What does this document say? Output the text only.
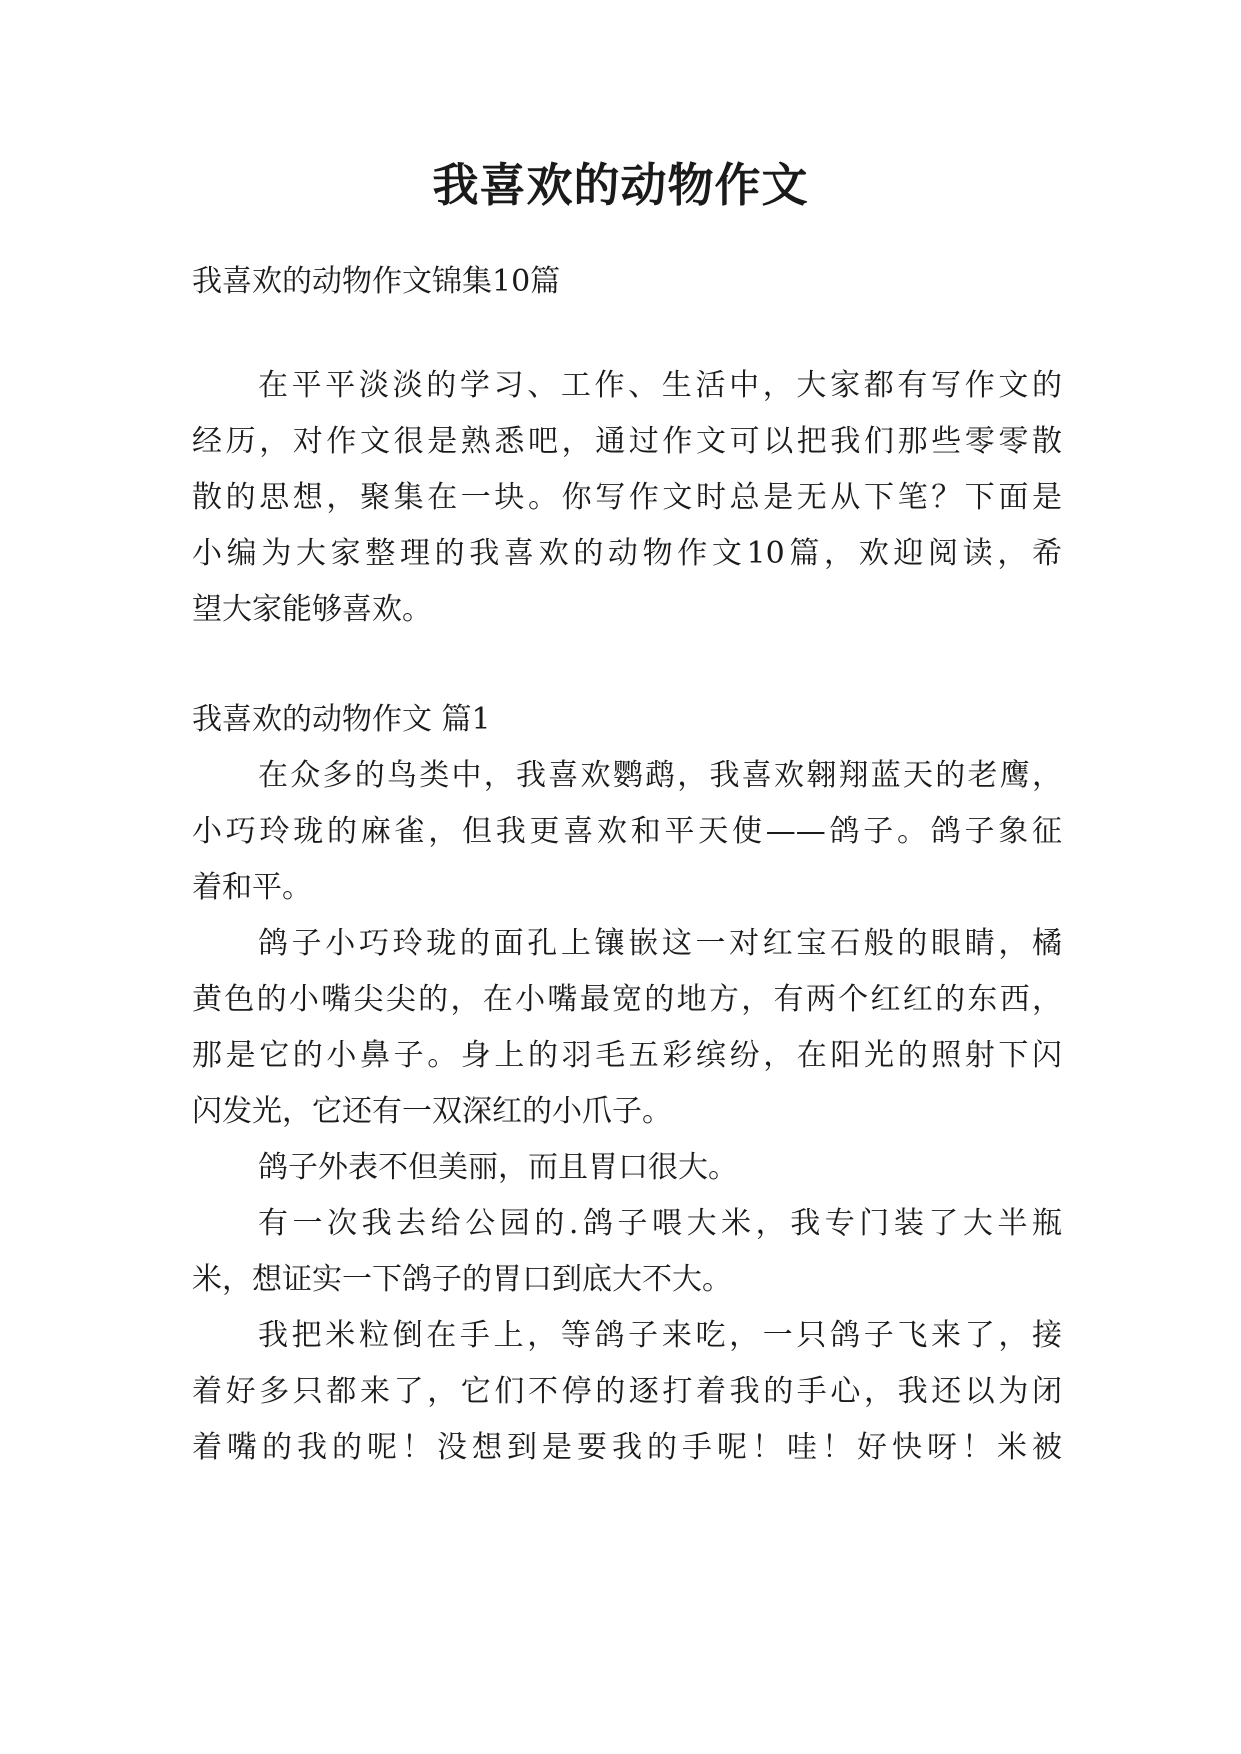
我喜欢的动物作文
我喜欢的动物作文锦集10篇
在平平淡淡的学习、工作、生活中，大家都有写作文的
经历，对作文很是熟悉吧，通过作文可以把我们那些零零散
散的思想，聚集在一块。你写作文时总是无从下笔？下面是
小编为大家整理的我喜欢的动物作文10篇，欢迎阅读，希
望大家能够喜欢。
我喜欢的动物作文 篇1
在众多的鸟类中，我喜欢鹦鹉，我喜欢翱翔蓝天的老鹰，
小巧玲珑的麻雀，但我更喜欢和平天使——鸽子。鸽子象征
着和平。
鸽子小巧玲珑的面孔上镶嵌这一对红宝石般的眼睛，橘
黄色的小嘴尖尖的，在小嘴最宽的地方，有两个红红的东西，
那是它的小鼻子。身上的羽毛五彩缤纷，在阳光的照射下闪
闪发光，它还有一双深红的小爪子。
鸽子外表不但美丽，而且胃口很大。
有一次我去给公园的.鸽子喂大米，我专门装了大半瓶
米，想证实一下鸽子的胃口到底大不大。
我把米粒倒在手上，等鸽子来吃，一只鸽子飞来了，接
着好多只都来了，它们不停的逐打着我的手心，我还以为闭
着嘴的我的呢！没想到是要我的手呢！哇！好快呀！米被
